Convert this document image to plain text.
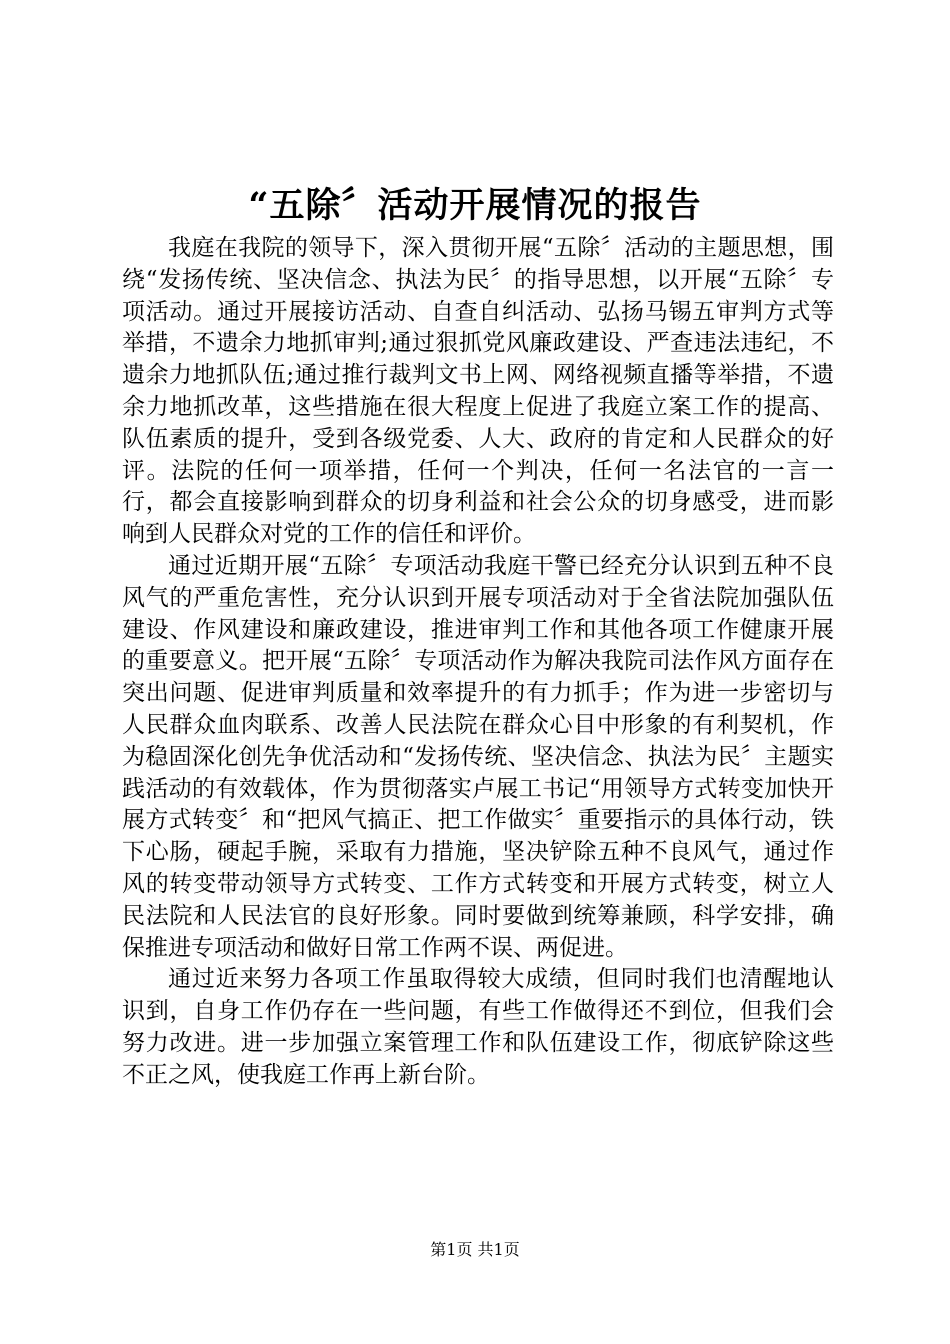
“五除〞活动开展情况的报告

我庭在我院的领导下，深入贯彻开展“五除〞活动的主题思想，围绕“发扬传统、坚决信念、执法为民〞的指导思想，以开展“五除〞专项活动。通过开展接访活动、自查自纠活动、弘扬马锡五审判方式等举措，不遗余力地抓审判;通过狠抓党风廉政建设、严查违法违纪，不遗余力地抓队伍;通过推行裁判文书上网、网络视频直播等举措，不遗余力地抓改革，这些措施在很大程度上促进了我庭立案工作的提高、队伍素质的提升，受到各级党委、人大、政府的肯定和人民群众的好评。法院的任何一项举措，任何一个判决，任何一名法官的一言一行，都会直接影响到群众的切身利益和社会公众的切身感受，进而影响到人民群众对党的工作的信任和评价。

通过近期开展“五除〞专项活动我庭干警已经充分认识到五种不良风气的严重危害性，充分认识到开展专项活动对于全省法院加强队伍建设、作风建设和廉政建设，推进审判工作和其他各项工作健康开展的重要意义。把开展“五除〞专项活动作为解决我院司法作风方面存在突出问题、促进审判质量和效率提升的有力抓手；作为进一步密切与人民群众血肉联系、改善人民法院在群众心目中形象的有利契机，作为稳固深化创先争优活动和“发扬传统、坚决信念、执法为民〞主题实践活动的有效载体，作为贯彻落实卢展工书记“用领导方式转变加快开展方式转变〞和“把风气搞正、把工作做实〞重要指示的具体行动，铁下心肠，硬起手腕，采取有力措施，坚决铲除五种不良风气，通过作风的转变带动领导方式转变、工作方式转变和开展方式转变，树立人民法院和人民法官的良好形象。同时要做到统筹兼顾，科学安排，确保推进专项活动和做好日常工作两不误、两促进。

通过近来努力各项工作虽取得较大成绩，但同时我们也清醒地认识到，自身工作仍存在一些问题，有些工作做得还不到位，但我们会努力改进。进一步加强立案管理工作和队伍建设工作，彻底铲除这些不正之风，使我庭工作再上新台阶。

第1页 共1页
